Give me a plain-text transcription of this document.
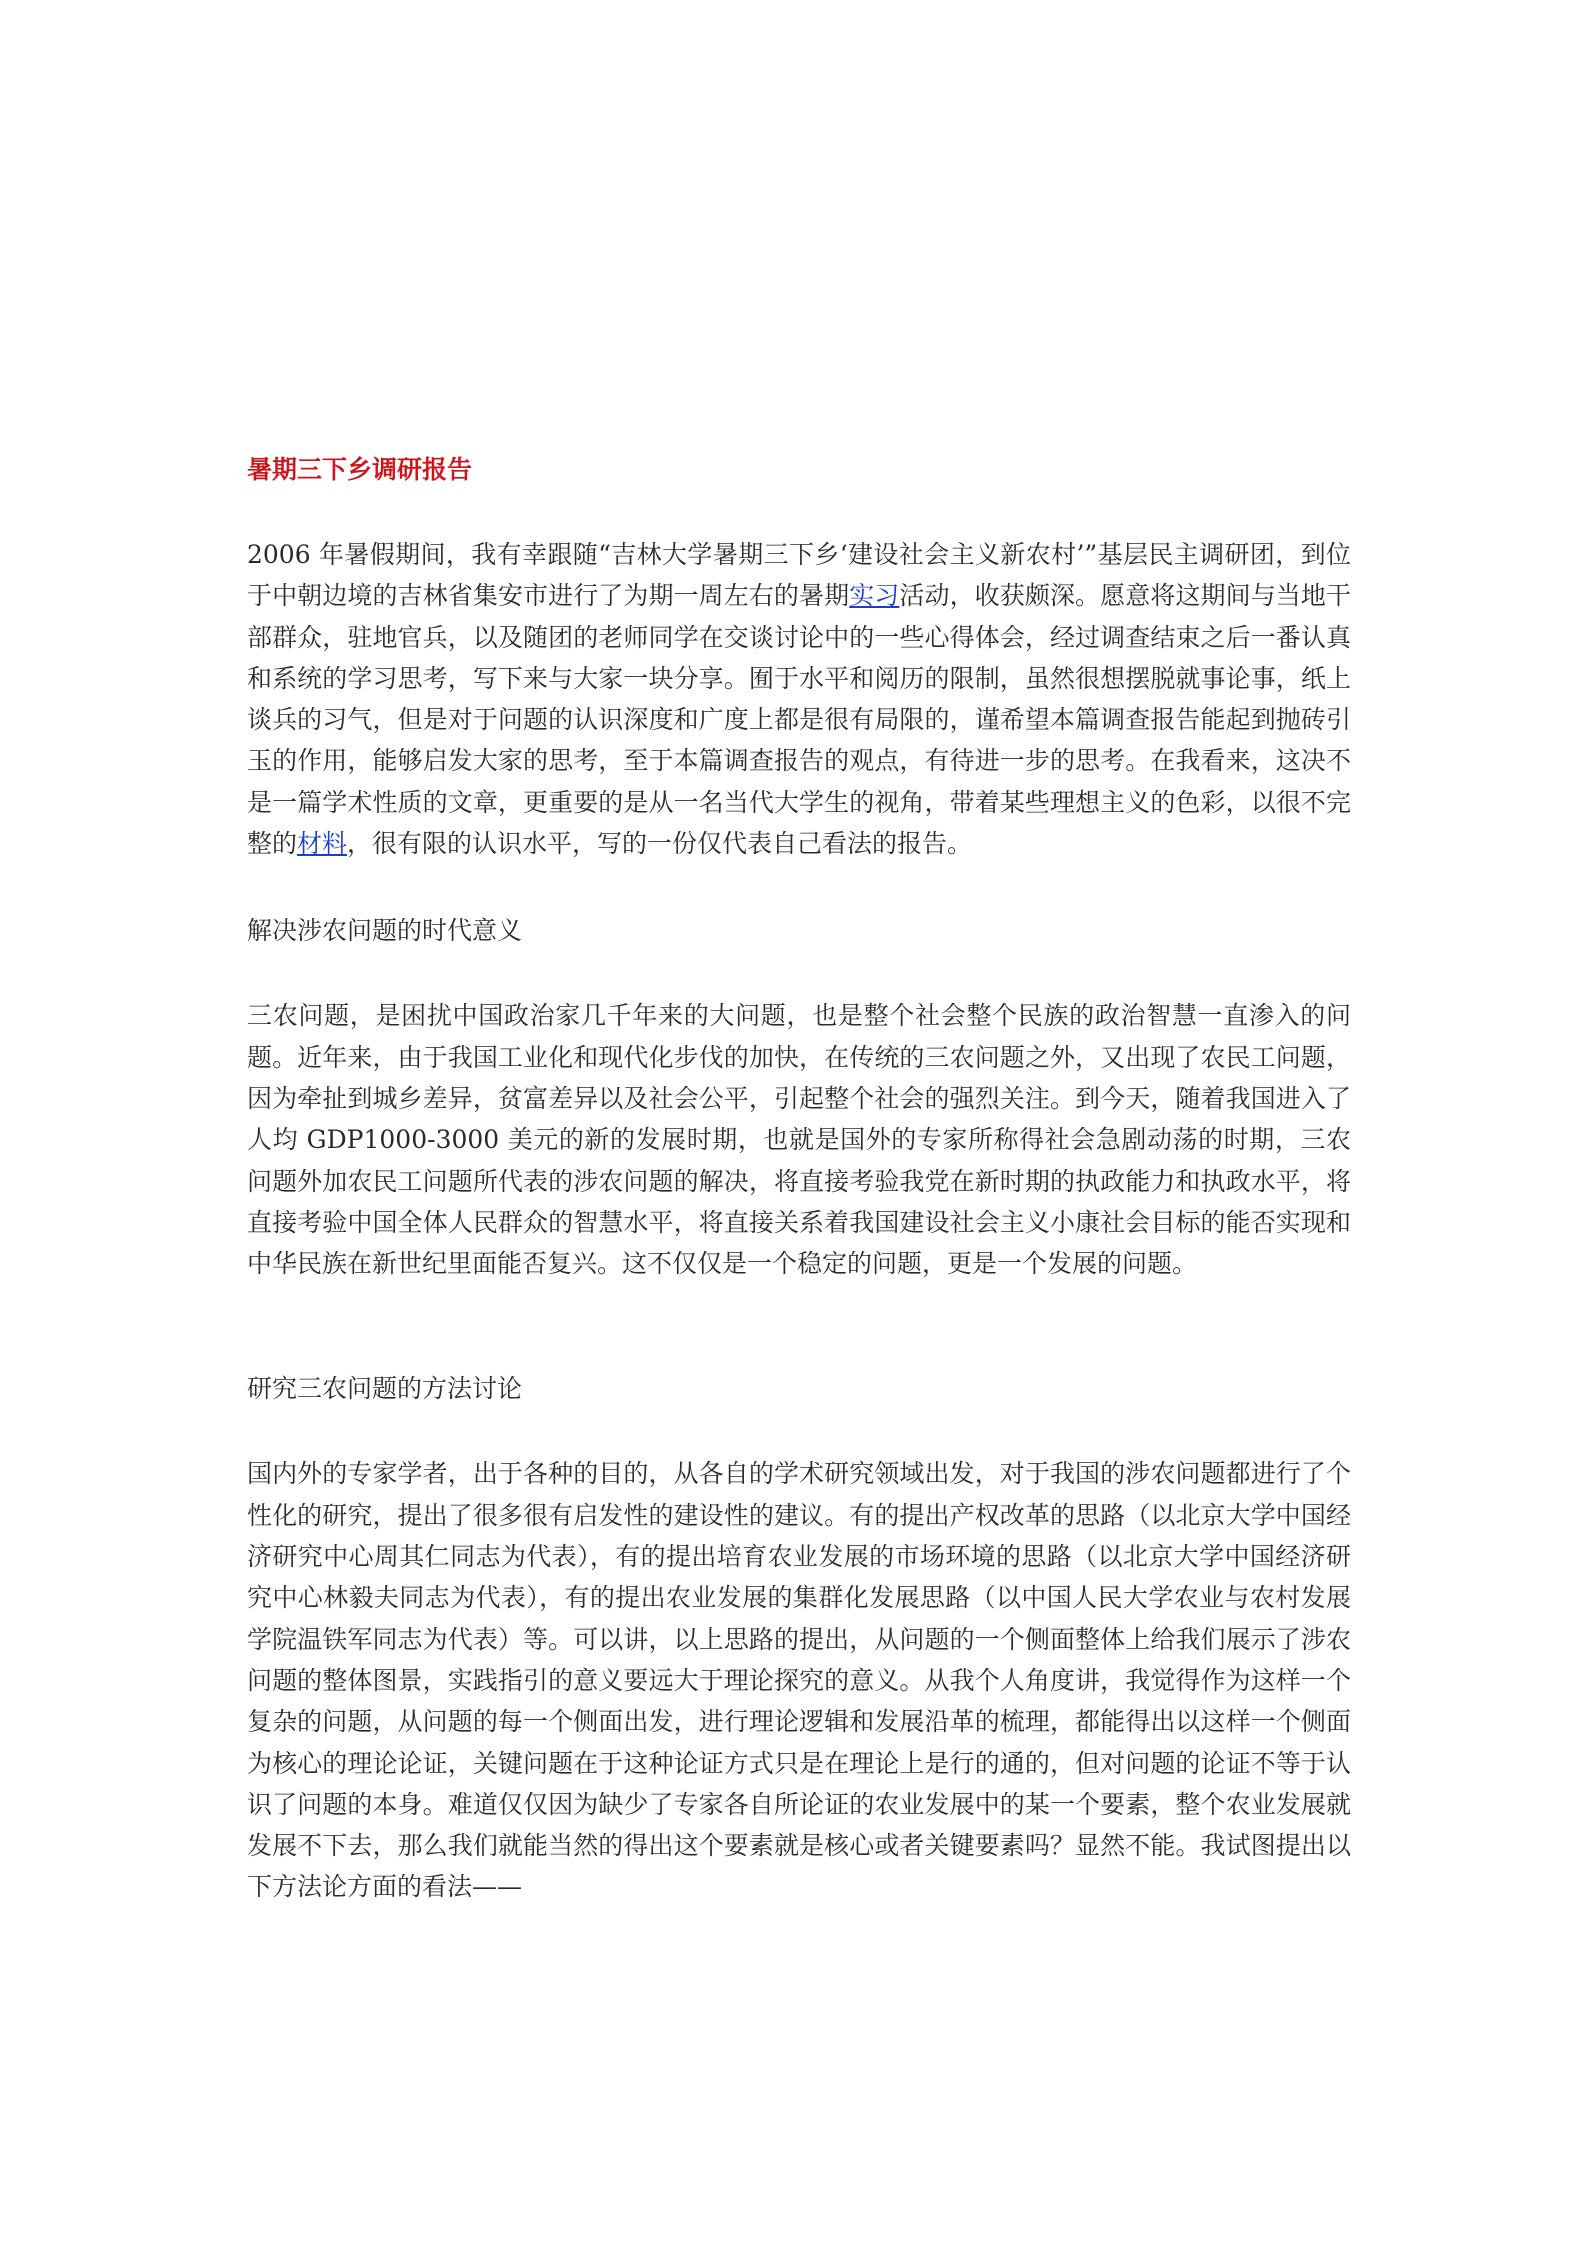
暑期三下乡调研报告

2006 年暑假期间，我有幸跟随“吉林大学暑期三下乡‘建设社会主义新农村’”基层民主调研团，到位于中朝边境的吉林省集安市进行了为期一周左右的暑期实习活动，收获颇深。愿意将这期间与当地干部群众，驻地官兵，以及随团的老师同学在交谈讨论中的一些心得体会，经过调查结束之后一番认真和系统的学习思考，写下来与大家一块分享。囿于水平和阅历的限制，虽然很想摆脱就事论事，纸上谈兵的习气，但是对于问题的认识深度和广度上都是很有局限的，谨希望本篇调查报告能起到抛砖引玉的作用，能够启发大家的思考，至于本篇调查报告的观点，有待进一步的思考。在我看来，这决不是一篇学术性质的文章，更重要的是从一名当代大学生的视角，带着某些理想主义的色彩，以很不完整的材料，很有限的认识水平，写的一份仅代表自己看法的报告。

解决涉农问题的时代意义

三农问题，是困扰中国政治家几千年来的大问题，也是整个社会整个民族的政治智慧一直渗入的问题。近年来，由于我国工业化和现代化步伐的加快，在传统的三农问题之外，又出现了农民工问题，因为牵扯到城乡差异，贫富差异以及社会公平，引起整个社会的强烈关注。到今天，随着我国进入了人均 GDP1000-3000 美元的新的发展时期，也就是国外的专家所称得社会急剧动荡的时期，三农问题外加农民工问题所代表的涉农问题的解决，将直接考验我党在新时期的执政能力和执政水平，将直接考验中国全体人民群众的智慧水平，将直接关系着我国建设社会主义小康社会目标的能否实现和中华民族在新世纪里面能否复兴。这不仅仅是一个稳定的问题，更是一个发展的问题。

研究三农问题的方法讨论

国内外的专家学者，出于各种的目的，从各自的学术研究领域出发，对于我国的涉农问题都进行了个性化的研究，提出了很多很有启发性的建设性的建议。有的提出产权改革的思路（以北京大学中国经济研究中心周其仁同志为代表），有的提出培育农业发展的市场环境的思路（以北京大学中国经济研究中心林毅夫同志为代表），有的提出农业发展的集群化发展思路（以中国人民大学农业与农村发展学院温铁军同志为代表）等。可以讲，以上思路的提出，从问题的一个侧面整体上给我们展示了涉农问题的整体图景，实践指引的意义要远大于理论探究的意义。从我个人角度讲，我觉得作为这样一个复杂的问题，从问题的每一个侧面出发，进行理论逻辑和发展沿革的梳理，都能得出以这样一个侧面为核心的理论论证，关键问题在于这种论证方式只是在理论上是行的通的，但对问题的论证不等于认识了问题的本身。难道仅仅因为缺少了专家各自所论证的农业发展中的某一个要素，整个农业发展就发展不下去，那么我们就能当然的得出这个要素就是核心或者关键要素吗？显然不能。我试图提出以下方法论方面的看法——
